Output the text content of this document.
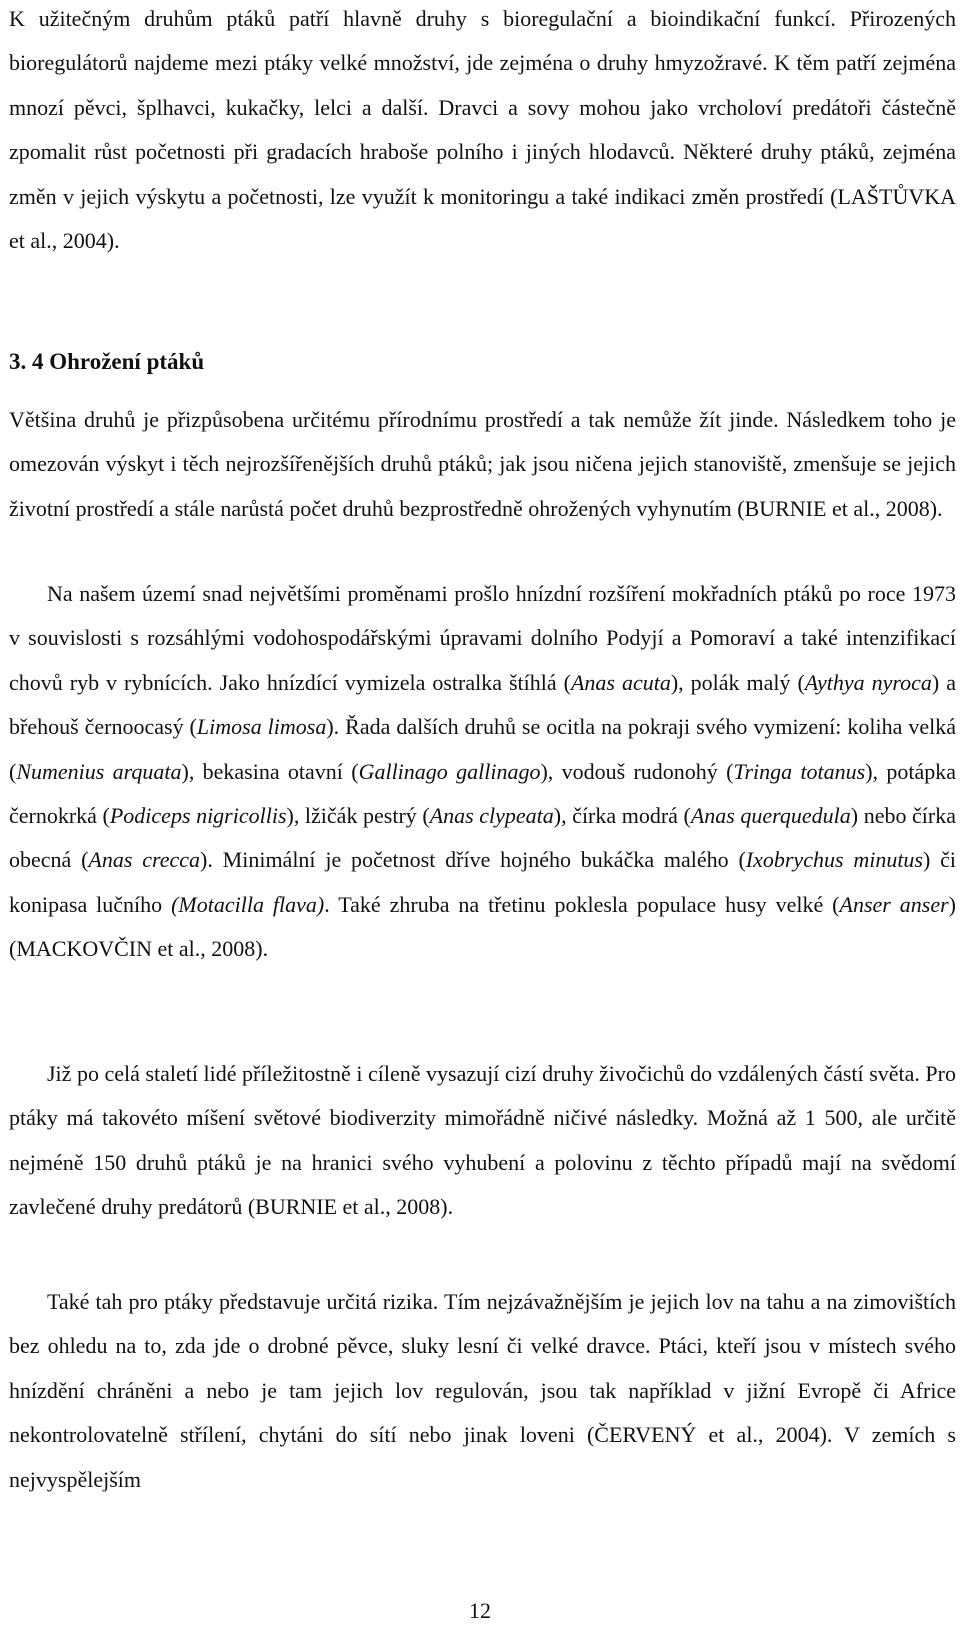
K užitečným druhům ptáků patří hlavně druhy s bioregulační a bioindikační funkcí. Přirozených bioregulátorů najdeme mezi ptáky velké množství, jde zejména o druhy hmyzožravé. K těm patří zejména mnozí pěvci, šplhavci, kukačky, lelci a další. Dravci a sovy mohou jako vrcholoví predátoři částečně zpomalit růst početnosti při gradacích hraboše polního i jiných hlodavců. Některé druhy ptáků, zejména změn v jejich výskytu a početnosti, lze využít k monitoringu a také indikaci změn prostředí (LAŠTŮVKA et al., 2004).

3. 4 Ohrožení ptáků

Většina druhů je přizpůsobena určitému přírodnímu prostředí a tak nemůže žít jinde. Následkem toho je omezován výskyt i těch nejrozšířenějších druhů ptáků; jak jsou ničena jejich stanoviště, zmenšuje se jejich životní prostředí a stále narůstá počet druhů bezprostředně ohrožených vyhynutím (BURNIE et al., 2008).

Na našem území snad největšími proměnami prošlo hnízdní rozšíření mokřadních ptáků po roce 1973 v souvislosti s rozsáhlými vodohospodářskými úpravami dolního Podyjí a Pomoraví a také intenzifikací chovů ryb v rybnících. Jako hnízdící vymizela ostralka štíhlá (Anas acuta), polák malý (Aythya nyroca) a břehouš černoocasý (Limosa limosa). Řada dalších druhů se ocitla na pokraji svého vymizení: koliha velká (Numenius arquata), bekasina otavní (Gallinago gallinago), vodouš rudonohý (Tringa totanus), potápka černokrká (Podiceps nigricollis), lžičák pestrý (Anas clypeata), čírka modrá (Anas querquedula) nebo čírka obecná (Anas crecca). Minimální je početnost dříve hojného bukáčka malého (Ixobrychus minutus) či konipasa lučního (Motacilla flava). Také zhruba na třetinu poklesla populace husy velké (Anser anser) (MACKOVČIN et al., 2008).

Již po celá staletí lidé příležitostně i cíleně vysazují cizí druhy živočichů do vzdálených částí světa. Pro ptáky má takovéto míšení světové biodiverzity mimořádně ničivé následky. Možná až 1 500, ale určitě nejméně 150 druhů ptáků je na hranici svého vyhubení a polovinu z těchto případů mají na svědomí zavlečené druhy predátorů (BURNIE et al., 2008).

Také tah pro ptáky představuje určitá rizika. Tím nejzávažnějším je jejich lov na tahu a na zimovištích bez ohledu na to, zda jde o drobné pěvce, sluky lesní či velké dravce. Ptáci, kteří jsou v místech svého hnízdění chráněni a nebo je tam jejich lov regulován, jsou tak například v jižní Evropě či Africe nekontrolovatelně střílení, chytáni do sítí nebo jinak loveni (ČERVENÝ et al., 2004). V zemích s nejvyspělejším

12
